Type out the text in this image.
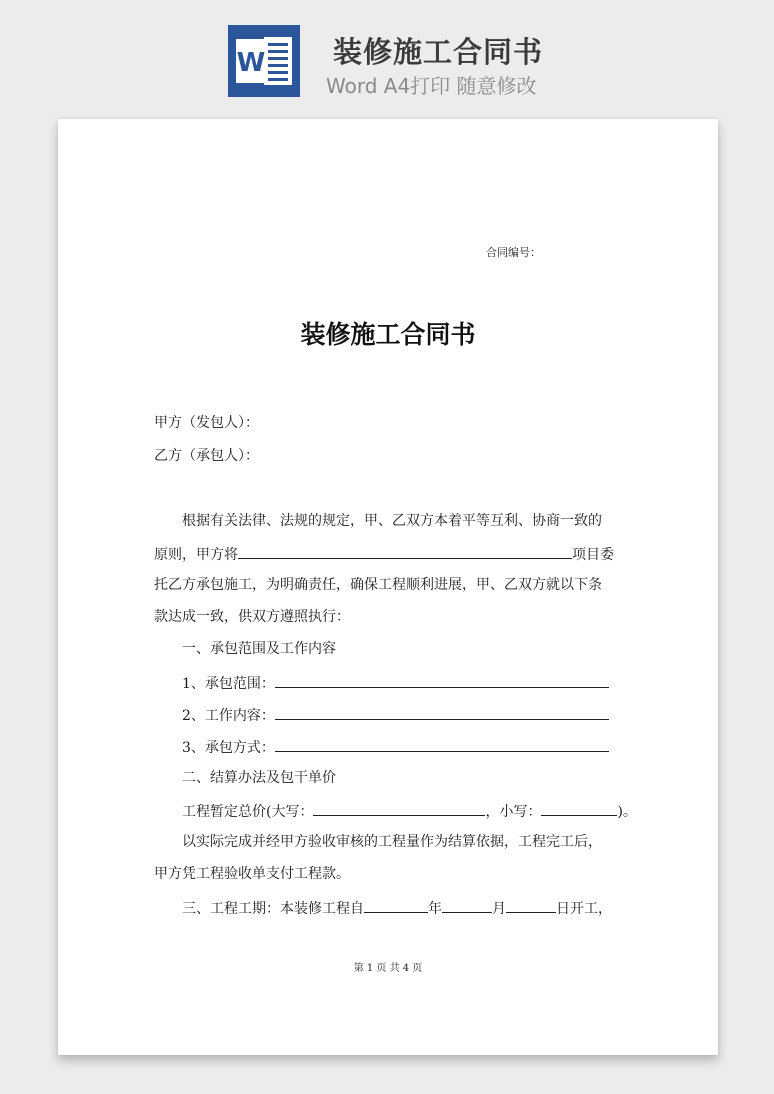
W 装修施工合同书
Word A4打印 随意修改
合同编号：
装修施工合同书
甲方（发包人）：
乙方（承包人）：
根据有关法律、法规的规定，甲、乙双方本着平等互利、协商一致的
原则，甲方将	项目委
托乙方承包施工，为明确责任，确保工程顺利进展，甲、乙双方就以下条
款达成一致，供双方遵照执行：
一、承包范围及工作内容
1、承包范围：
2、工作内容：
3、承包方式：
二、结算办法及包干单价
工程暂定总价(大写：	，小写：	)。
以实际完成并经甲方验收审核的工程量作为结算依据，工程完工后，
甲方凭工程验收单支付工程款。
三、工程工期：本装修工程自	年	月	日开工，
第 1 页 共 4 页
